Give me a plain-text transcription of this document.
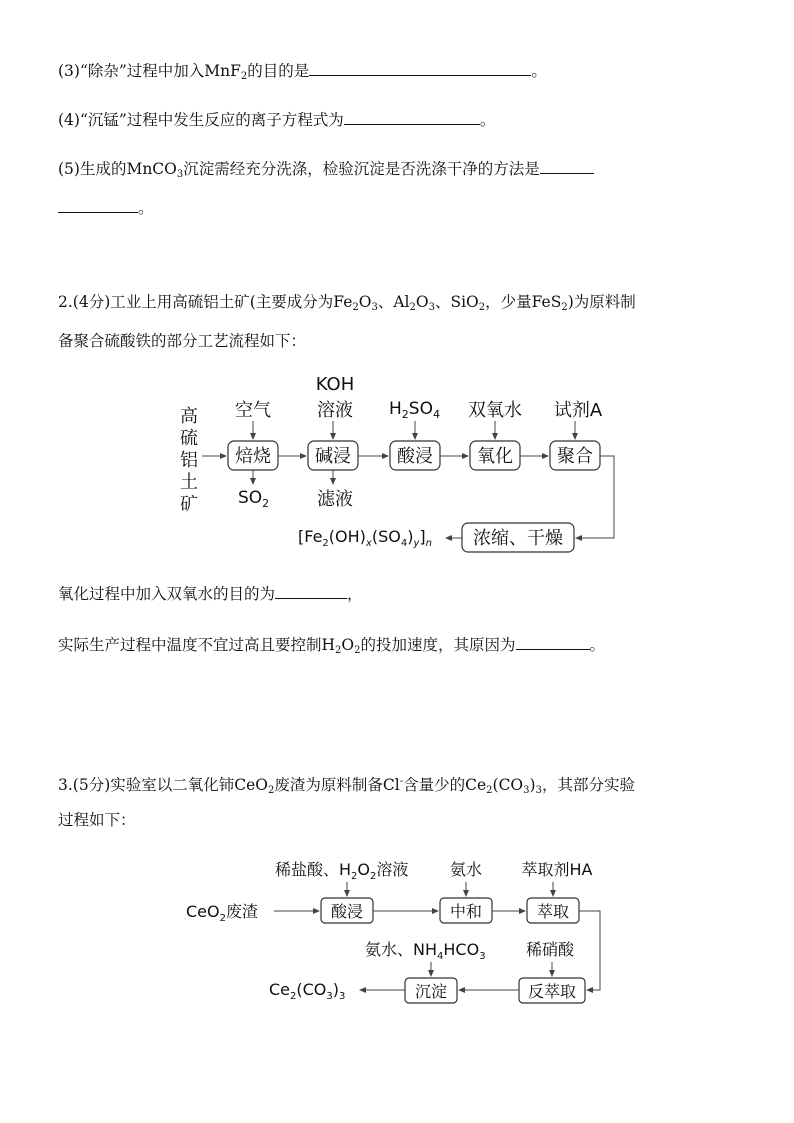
(3)“除杂”过程中加入MnF$_2$的目的是	。
(4)“沉锰”过程中发生反应的离子方程式为	。
(5)生成的MnCO$_3$沉淀需经充分洗涤，检验沉淀是否洗涤干净的方法是
。
2.(4分)工业上用高硫铝土矿(主要成分为$Fe_2O_3$、$Al_2O_3$、SiO$_2$，少量FeS$_2$)为原料制
备聚合硫酸铁的部分工艺流程如下：
高
硫
铝
土
矿
焙烧 碱浸	酸浸 氧化 聚合
浓缩、干燥
空气
KOH
溶液	双氧水 试剂A
$H_2SO_4$
$SO_2$	滤液
$[Fe_2(OH)_x(SO_4)_y]_n$
氧化过程中加入双氧水的目的为	，
实际生产过程中温度不宜过高且要控制$H_2O_2$的投加速度，其原因为	。
3.(5分)实验室以二氧化铈CeO$_2$废渣为原料制备Cl-含量少的$Ce_2(CO_3)_3$，其部分实验
过程如下：
CeO$_2$废渣
稀盐酸、$H_2O_2$溶液	氨水 萃取剂HA
酸浸	中和	萃取
沉淀	反萃取
氨水、$NH_4HCO_3$	稀硝酸
$Ce_2(CO_3)_3$
